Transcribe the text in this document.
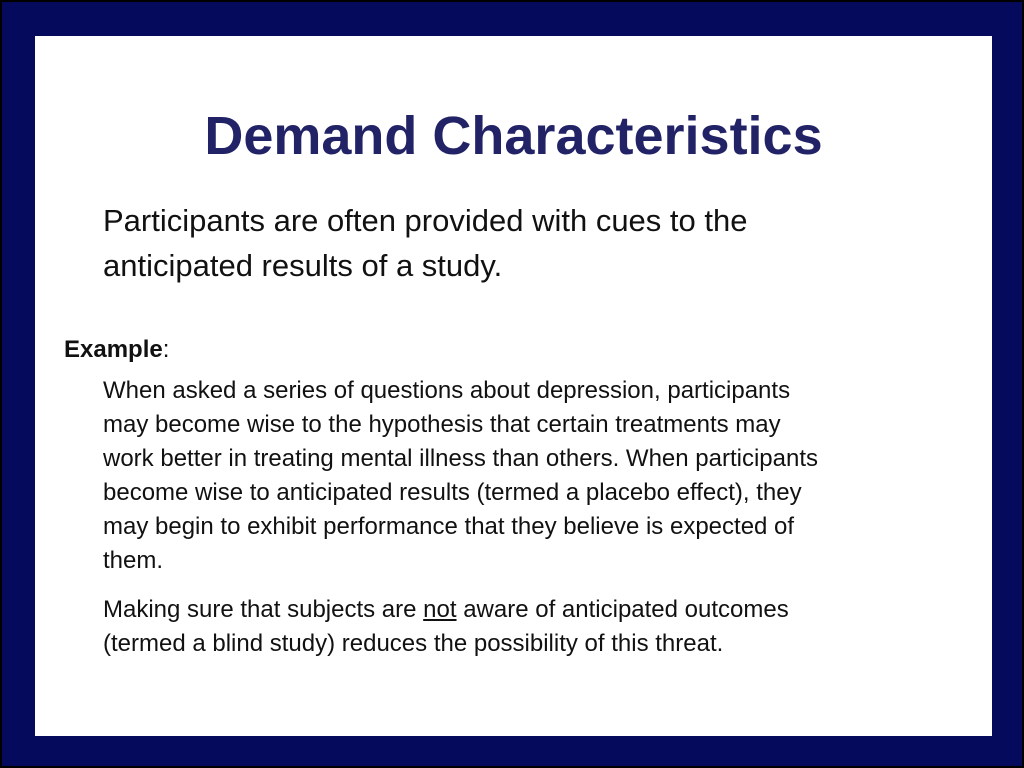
Demand Characteristics
Participants are often provided with cues to the
anticipated results of a study.
Example:
When asked a series of questions about depression, participants
may become wise to the hypothesis that certain treatments may
work better in treating mental illness than others. When participants
become wise to anticipated results (termed a placebo effect), they
may begin to exhibit performance that they believe is expected of
them.
Making sure that subjects are not aware of anticipated outcomes
(termed a blind study) reduces the possibility of this threat.
